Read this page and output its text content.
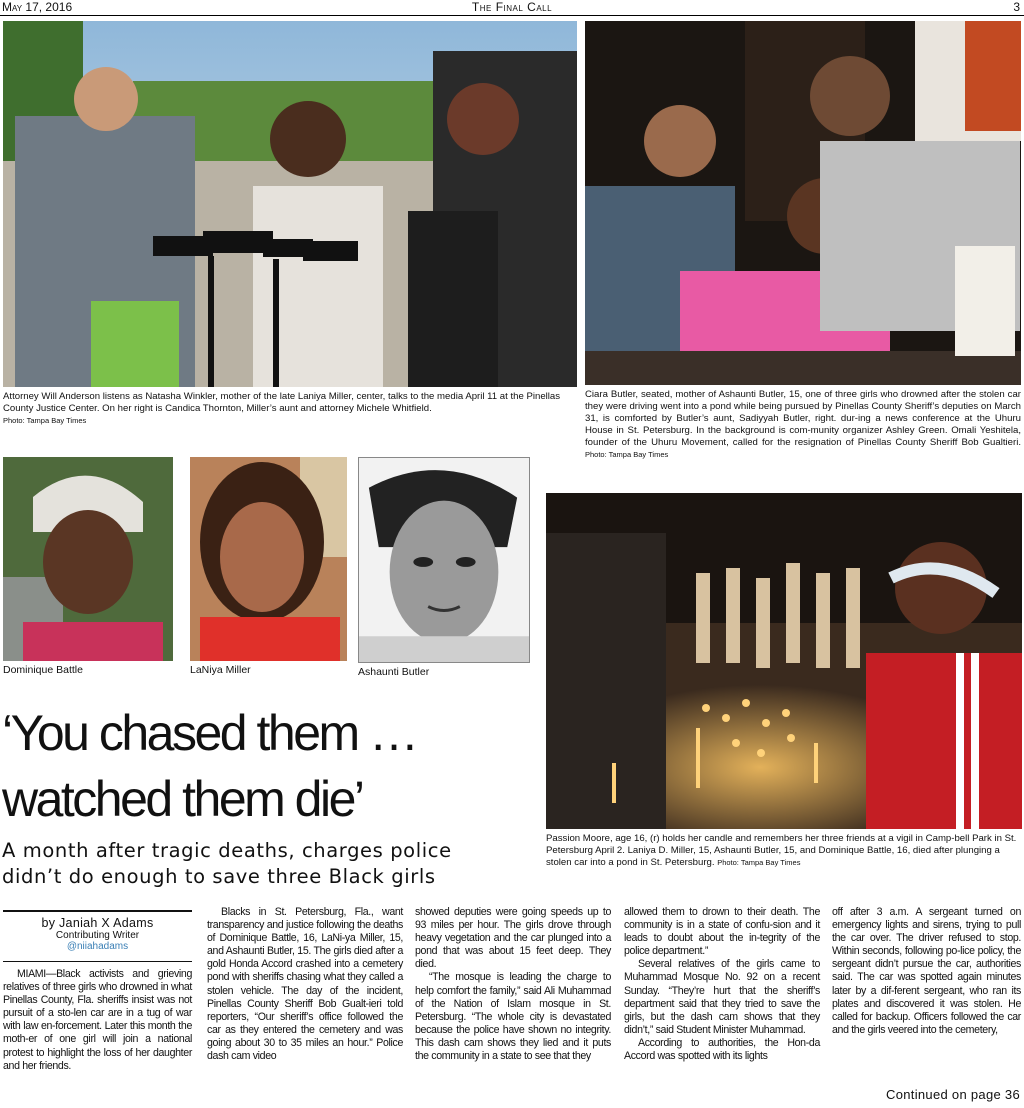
May 17, 2016	The Final Call	3
Attorney Will Anderson listens as Natasha Winkler, mother of the late Laniya Miller, center, talks to the media April 11 at the Pinellas County Justice Center. On her right is Candica Thornton, Miller’s aunt and attorney Michele Whitfield.
Photo: Tampa Bay Times
Ciara Butler, seated, mother of Ashaunti Butler, 15, one of three girls who drowned after the stolen car they were driving went into a pond while being pursued by Pinellas County Sheriff’s deputies on March 31, is comforted by Butler’s aunt, Sadiyyah Butler, right. dur-ing a news conference at the Uhuru House in St. Petersburg. In the background is com-munity organizer Ashley Green. Omali Yeshitela, founder of the Uhuru Movement, called for the resignation of Pinellas County Sheriff Bob Gualtieri. Photo: Tampa Bay Times
Dominique Battle	LaNiya Miller	Ashaunti Butler
Passion Moore, age 16, (r) holds her candle and remembers her three friends at a vigil in Camp-bell Park in St. Petersburg April 2. Laniya D. Miller, 15, Ashaunti Butler, 15, and Dominique Battle, 16, died after plunging a stolen car into a pond in St. Petersburg. Photo: Tampa Bay Times
‘You chased them …
watched them die’
A month after tragic deaths, charges police
didn’t do enough to save three Black girls
by Janiah X Adams
Contributing Writer
@niiahadams

MIAMI—Black activists and grieving relatives of three girls who drowned in what Pinellas County, Fla. sheriffs insist was not pursuit of a sto-len car are in a tug of war with law en-forcement. Later this month the moth-er of one girl will join a national protest to highlight the loss of her daughter and her friends.

Blacks in St. Petersburg, Fla., want transparency and justice following the deaths of Dominique Battle, 16, LaNi-ya Miller, 15, and Ashaunti Butler, 15. The girls died after a gold Honda Accord crashed into a cemetery pond with sheriffs chasing what they called a stolen vehicle. The day of the incident, Pinellas County Sheriff Bob Gualt-ieri told reporters, “Our sheriff’s office followed the car as they entered the cemetery and was going about 30 to 35 miles an hour.” Police dash cam video

showed deputies were going speeds up to 93 miles per hour. The girls drove through heavy vegetation and the car plunged into a pond that was about 15 feet deep. They died.

“The mosque is leading the charge to help comfort the family,” said Ali Muhammad of the Nation of Islam mosque in St. Petersburg. “The whole city is devastated because the police have shown no integrity. This dash cam shows they lied and it puts the community in a state to see that they

allowed them to drown to their death. The community is in a state of confu-sion and it leads to doubt about the in-tegrity of the police department.”

Several relatives of the girls came to Muhammad Mosque No. 92 on a recent Sunday. “They’re hurt that the sheriff’s department said that they tried to save the girls, but the dash cam shows that they didn’t,” said Student Minister Muhammad.

According to authorities, the Hon-da Accord was spotted with its lights

off after 3 a.m. A sergeant turned on emergency lights and sirens, trying to pull the car over. The driver refused to stop. Within seconds, following po-lice policy, the sergeant didn’t pursue the car, authorities said. The car was spotted again minutes later by a dif-ferent sergeant, who ran its plates and discovered it was stolen. He called for backup. Officers followed the car and the girls veered into the cemetery,

Continued on page 36
